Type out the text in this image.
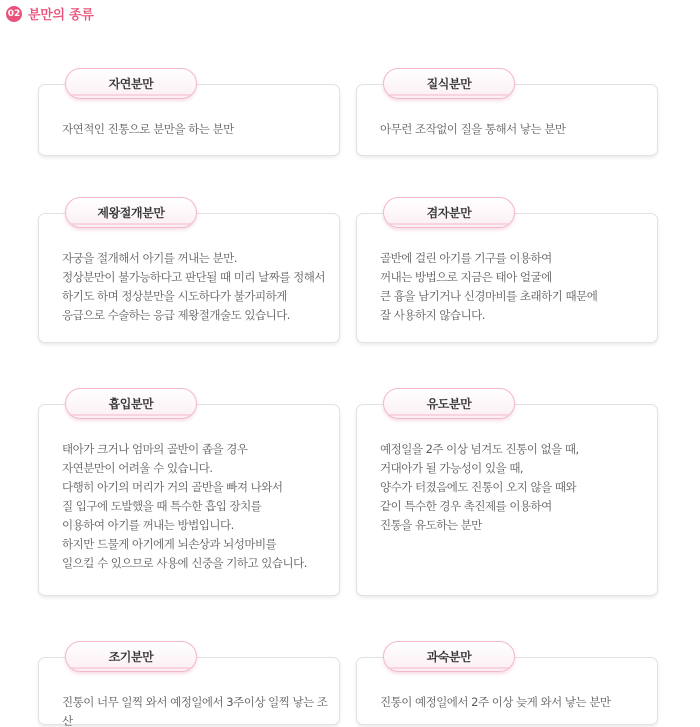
02 분만의 종류
자연분만

자연적인 진통으로 분만을 하는 분만

질식분만

아무런 조작없이 질을 통해서 낳는 분만

제왕절개분만

자궁을 절개해서 아기를 꺼내는 분만.
정상분만이 불가능하다고 판단될 때 미리 날짜를 정해서
하기도 하며 정상분만을 시도하다가 불가피하게
응급으로 수술하는 응급 제왕절개술도 있습니다.

겸자분만

골반에 걸린 아기를 기구를 이용하여
꺼내는 방법으로 지금은 태아 얼굴에
큰 흉을 남기거나 신경마비를 초래하기 때문에
잘 사용하지 않습니다.

흡입분만

태아가 크거나 엄마의 골반이 좁을 경우
자연분만이 어려울 수 있습니다.
다행히 아기의 머리가 거의 골반을 빠져 나와서
질 입구에 도발했을 때 특수한 흡입 장치를
이용하여 아기를 꺼내는 방법입니다.
하지만 드물게 아기에게 뇌손상과 뇌성마비를
일으킬 수 있으므로 사용에 신중을 기하고 있습니다.

유도분만

예정일을 2주 이상 넘겨도 진통이 없을 때,
거대아가 될 가능성이 있을 때,
양수가 터졌음에도 진통이 오지 않을 때와
같이 특수한 경우 촉진제를 이용하여
진통을 유도하는 분만

조기분만

진통이 너무 일찍 와서 예정일에서 3주이상 일찍 낳는 조산

과숙분만

진통이 예정일에서 2주 이상 늦게 와서 낳는 분만
